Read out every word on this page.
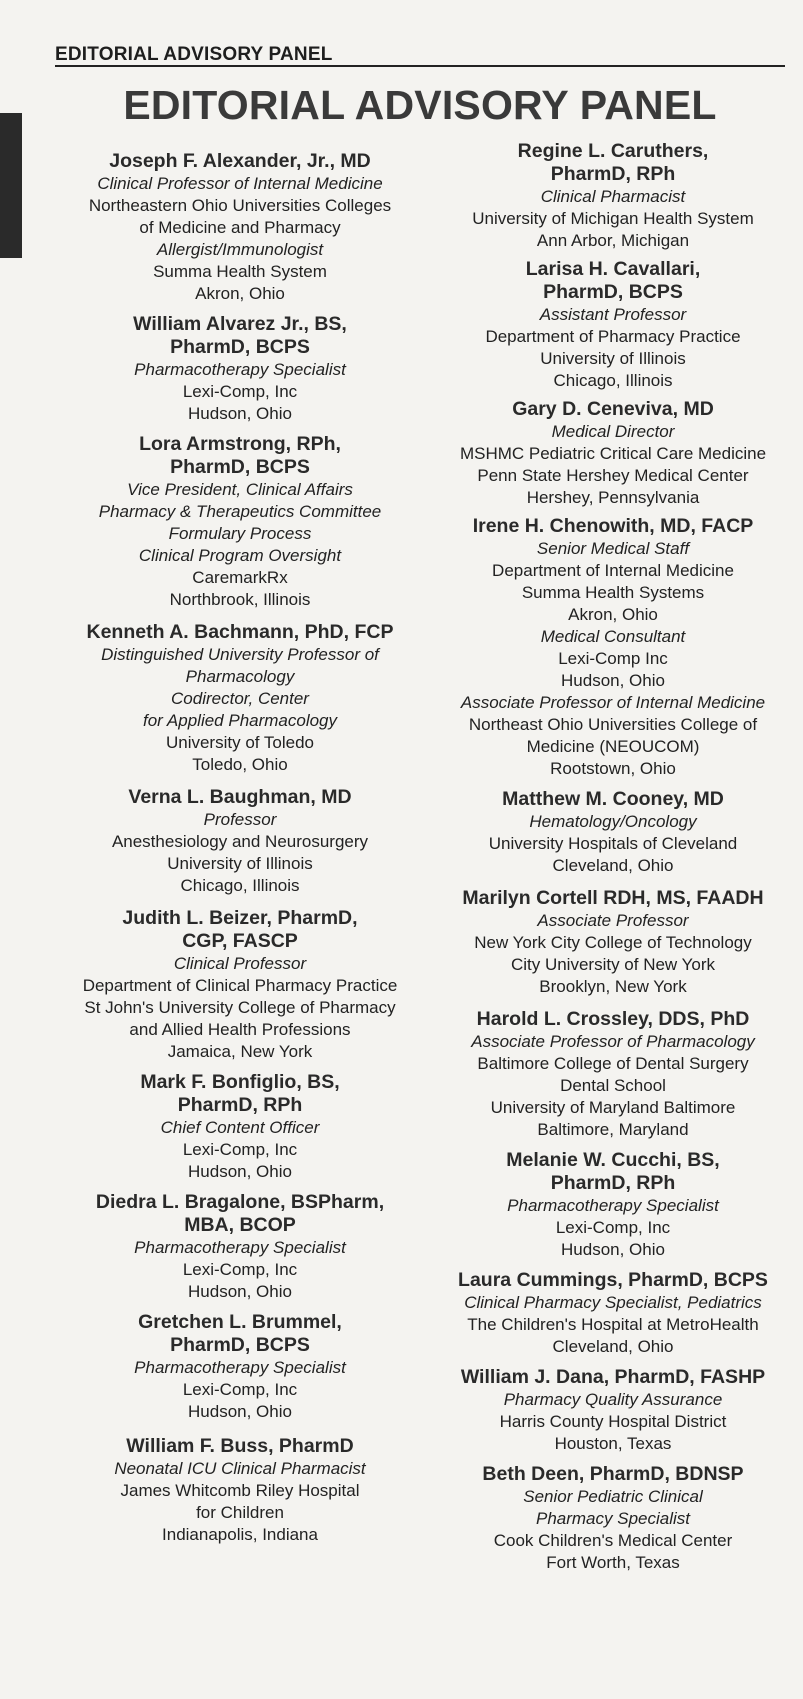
EDITORIAL ADVISORY PANEL
EDITORIAL ADVISORY PANEL
Joseph F. Alexander, Jr., MD
Clinical Professor of Internal Medicine
Northeastern Ohio Universities Colleges
of Medicine and Pharmacy
Allergist/Immunologist
Summa Health System
Akron, Ohio
William Alvarez Jr., BS,
PharmD, BCPS
Pharmacotherapy Specialist
Lexi-Comp, Inc
Hudson, Ohio
Lora Armstrong, RPh,
PharmD, BCPS
Vice President, Clinical Affairs
Pharmacy & Therapeutics Committee
Formulary Process
Clinical Program Oversight
CaremarkRx
Northbrook, Illinois
Kenneth A. Bachmann, PhD, FCP
Distinguished University Professor of
Pharmacology
Codirector, Center
for Applied Pharmacology
University of Toledo
Toledo, Ohio
Verna L. Baughman, MD
Professor
Anesthesiology and Neurosurgery
University of Illinois
Chicago, Illinois
Judith L. Beizer, PharmD,
CGP, FASCP
Clinical Professor
Department of Clinical Pharmacy Practice
St John's University College of Pharmacy
and Allied Health Professions
Jamaica, New York
Mark F. Bonfiglio, BS,
PharmD, RPh
Chief Content Officer
Lexi-Comp, Inc
Hudson, Ohio
Diedra L. Bragalone, BSPharm,
MBA, BCOP
Pharmacotherapy Specialist
Lexi-Comp, Inc
Hudson, Ohio
Gretchen L. Brummel,
PharmD, BCPS
Pharmacotherapy Specialist
Lexi-Comp, Inc
Hudson, Ohio
William F. Buss, PharmD
Neonatal ICU Clinical Pharmacist
James Whitcomb Riley Hospital
for Children
Indianapolis, Indiana
Regine L. Caruthers,
PharmD, RPh
Clinical Pharmacist
University of Michigan Health System
Ann Arbor, Michigan
Larisa H. Cavallari,
PharmD, BCPS
Assistant Professor
Department of Pharmacy Practice
University of Illinois
Chicago, Illinois
Gary D. Ceneviva, MD
Medical Director
MSHMC Pediatric Critical Care Medicine
Penn State Hershey Medical Center
Hershey, Pennsylvania
Irene H. Chenowith, MD, FACP
Senior Medical Staff
Department of Internal Medicine
Summa Health Systems
Akron, Ohio
Medical Consultant
Lexi-Comp Inc
Hudson, Ohio
Associate Professor of Internal Medicine
Northeast Ohio Universities College of
Medicine (NEOUCOM)
Rootstown, Ohio
Matthew M. Cooney, MD
Hematology/Oncology
University Hospitals of Cleveland
Cleveland, Ohio
Marilyn Cortell RDH, MS, FAADH
Associate Professor
New York City College of Technology
City University of New York
Brooklyn, New York
Harold L. Crossley, DDS, PhD
Associate Professor of Pharmacology
Baltimore College of Dental Surgery
Dental School
University of Maryland Baltimore
Baltimore, Maryland
Melanie W. Cucchi, BS,
PharmD, RPh
Pharmacotherapy Specialist
Lexi-Comp, Inc
Hudson, Ohio
Laura Cummings, PharmD, BCPS
Clinical Pharmacy Specialist, Pediatrics
The Children's Hospital at MetroHealth
Cleveland, Ohio
William J. Dana, PharmD, FASHP
Pharmacy Quality Assurance
Harris County Hospital District
Houston, Texas
Beth Deen, PharmD, BDNSP
Senior Pediatric Clinical
Pharmacy Specialist
Cook Children's Medical Center
Fort Worth, Texas
